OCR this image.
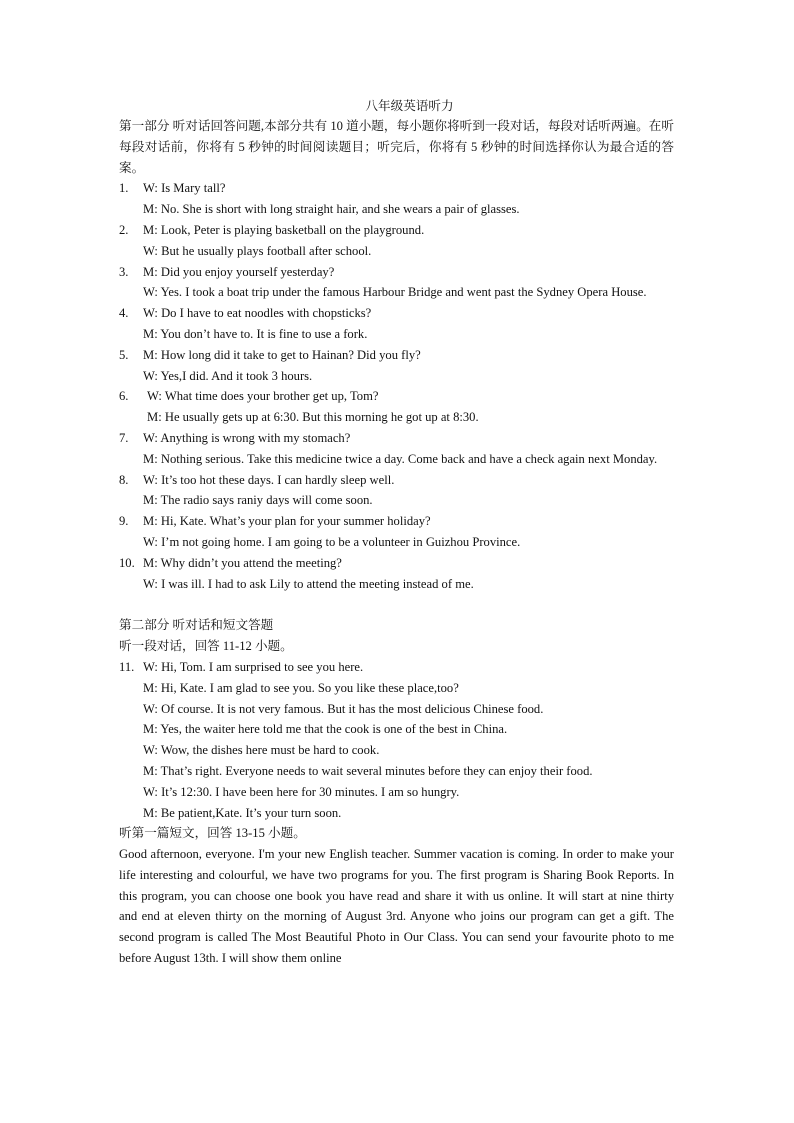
八年级英语听力
第一部分 听对话回答问题,本部分共有 10 道小题，每小题你将听到一段对话，每段对话听两遍。在听每段对话前，你将有 5 秒钟的时间阅读题目；听完后，你将有 5 秒钟的时间选择你认为最合适的答案。
1.	W: Is Mary tall?
M: No. She is short with long straight hair, and she wears a pair of glasses.
2.	M: Look, Peter is playing basketball on the playground.
W: But he usually plays football after school.
3.	M: Did you enjoy yourself yesterday?
W: Yes. I took a boat trip under the famous Harbour Bridge and went past the Sydney Opera House.
4.	W: Do I have to eat noodles with chopsticks?
M: You don’t have to. It is fine to use a fork.
5.	M: How long did it take to get to Hainan? Did you fly?
W: Yes,I did. And it took 3 hours.
6.	W: What time does your brother get up, Tom?
M: He usually gets up at 6:30. But this morning he got up at 8:30.
7.	W: Anything is wrong with my stomach?
M: Nothing serious. Take this medicine twice a day. Come back and have a check again next Monday.
8.	W: It’s too hot these days. I can hardly sleep well.
M: The radio says raniy days will come soon.
9.	M: Hi, Kate. What’s your plan for your summer holiday?
W: I’m not going home. I am going to be a volunteer in Guizhou Province.
10. M: Why didn’t you attend the meeting?
W: I was ill. I had to ask Lily to attend the meeting instead of me.
第二部分 听对话和短文答题
听一段对话，回答 11-12 小题。
11. W: Hi, Tom. I am surprised to see you here.
M: Hi, Kate. I am glad to see you. So you like these place,too?
W: Of course. It is not very famous. But it has the most delicious Chinese food.
M: Yes, the waiter here told me that the cook is one of the best in China.
W: Wow, the dishes here must be hard to cook.
M: That’s right. Everyone needs to wait several minutes before they can enjoy their food.
W: It’s 12:30. I have been here for 30 minutes. I am so hungry.
M: Be patient,Kate. It’s your turn soon.
听第一篇短文，回答 13-15 小题。
Good afternoon, everyone. I'm your new English teacher. Summer vacation is coming. In order to make your life interesting and colourful, we have two programs for you. The first program is Sharing Book Reports. In this program, you can choose one book you have read and share it with us online. It will start at nine thirty and end at eleven thirty on the morning of August 3rd. Anyone who joins our program can get a gift. The second program is called The Most Beautiful Photo in Our Class. You can send your favourite photo to me before August 13th. I will show them online
